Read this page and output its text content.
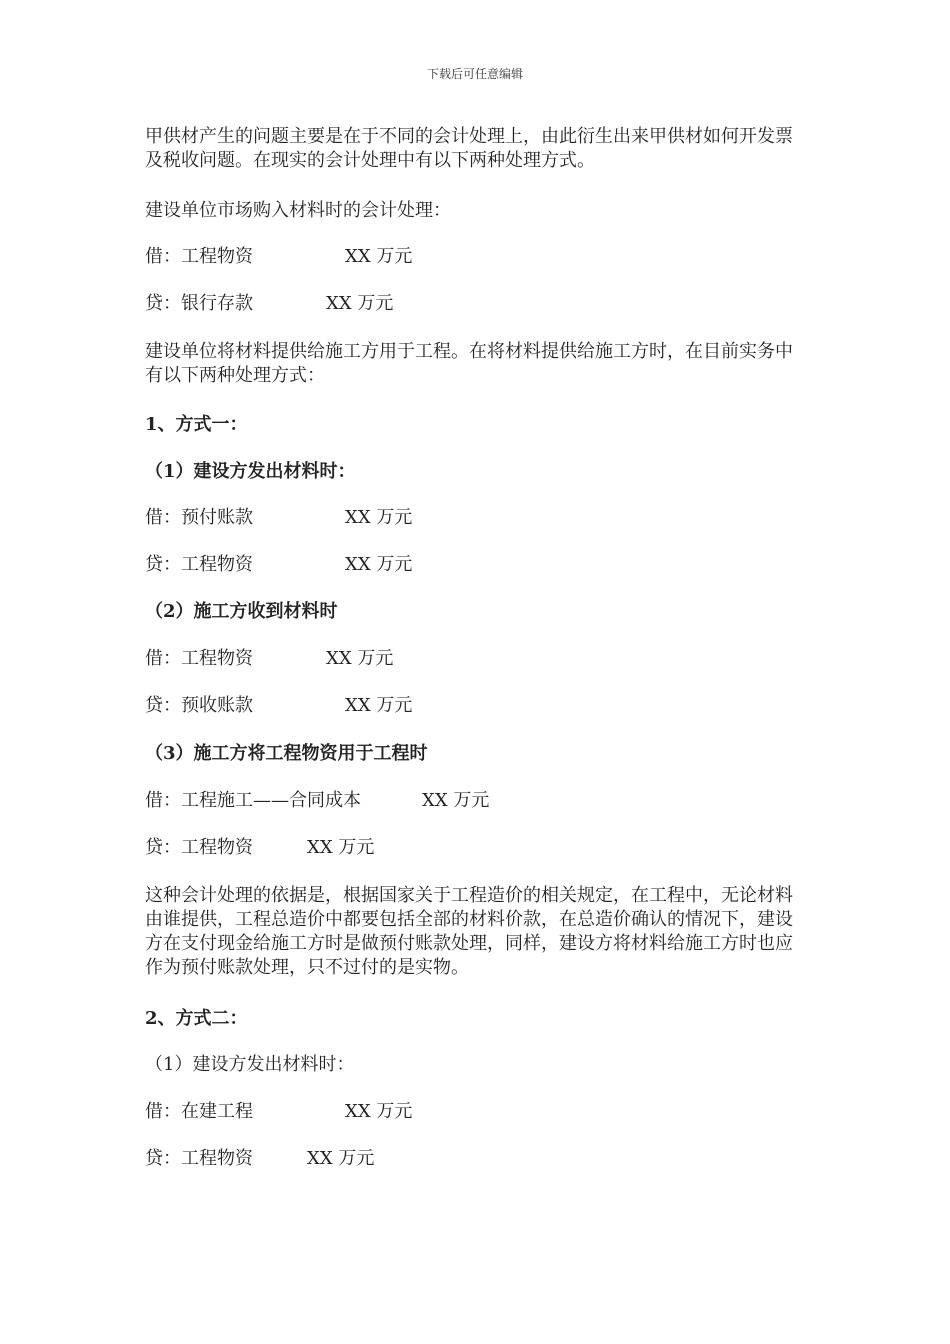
下载后可任意编辑
甲供材产生的问题主要是在于不同的会计处理上，由此衍生出来甲供材如何开发票及税收问题。在现实的会计处理中有以下两种处理方式。
建设单位市场购入材料时的会计处理：
借：工程物资	XX 万元
贷：银行存款	XX 万元
建设单位将材料提供给施工方用于工程。在将材料提供给施工方时，在目前实务中有以下两种处理方式：
1、方式一：
（1）建设方发出材料时：
借：预付账款	XX 万元
贷：工程物资	XX 万元
（2）施工方收到材料时
借：工程物资	XX 万元
贷：预收账款	XX 万元
（3）施工方将工程物资用于工程时
借：工程施工——合同成本	XX 万元
贷：工程物资	XX 万元
这种会计处理的依据是，根据国家关于工程造价的相关规定，在工程中，无论材料由谁提供，工程总造价中都要包括全部的材料价款，在总造价确认的情况下，建设方在支付现金给施工方时是做预付账款处理，同样，建设方将材料给施工方时也应作为预付账款处理，只不过付的是实物。
2、方式二：
（1）建设方发出材料时：
借：在建工程	XX 万元
贷：工程物资	XX 万元
